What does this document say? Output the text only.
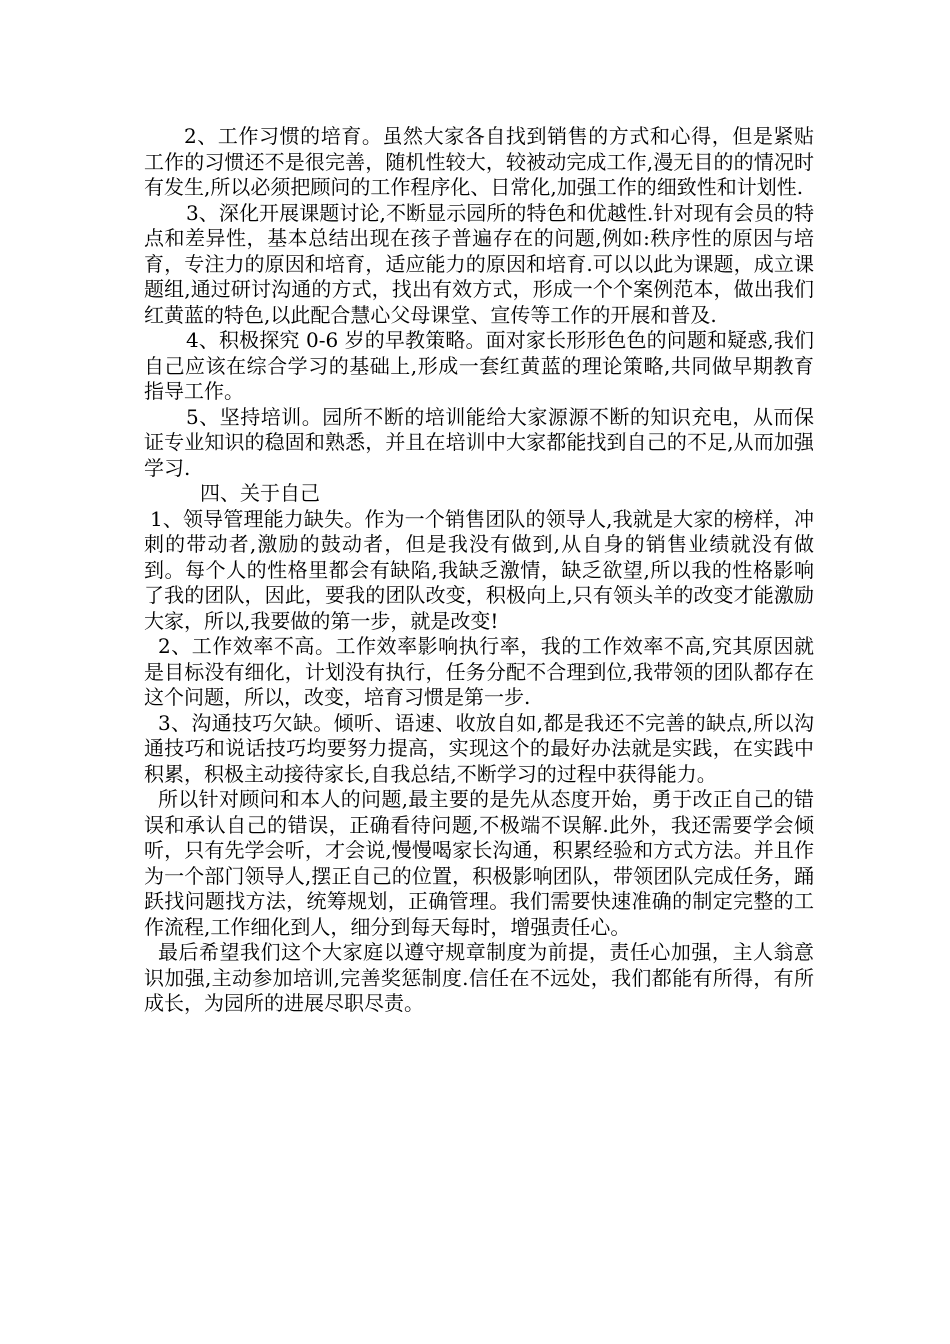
2、工作习惯的培育。虽然大家各自找到销售的方式和心得，但是紧贴工作的习惯还不是很完善，随机性较大，较被动完成工作,漫无目的的情况时有发生,所以必须把顾问的工作程序化、日常化,加强工作的细致性和计划性.

3、深化开展课题讨论,不断显示园所的特色和优越性.针对现有会员的特点和差异性，基本总结出现在孩子普遍存在的问题,例如:秩序性的原因与培育，专注力的原因和培育，适应能力的原因和培育.可以以此为课题，成立课题组,通过研讨沟通的方式，找出有效方式，形成一个个案例范本，做出我们红黄蓝的特色,以此配合慧心父母课堂、宣传等工作的开展和普及.

4、积极探究 0-6 岁的早教策略。面对家长形形色色的问题和疑惑,我们自己应该在综合学习的基础上,形成一套红黄蓝的理论策略,共同做早期教育指导工作。

5、坚持培训。园所不断的培训能给大家源源不断的知识充电，从而保证专业知识的稳固和熟悉，并且在培训中大家都能找到自己的不足,从而加强学习.

四、关于自己

1、领导管理能力缺失。作为一个销售团队的领导人,我就是大家的榜样，冲刺的带动者,激励的鼓动者，但是我没有做到,从自身的销售业绩就没有做到。每个人的性格里都会有缺陷,我缺乏激情，缺乏欲望,所以我的性格影响了我的团队，因此，要我的团队改变，积极向上,只有领头羊的改变才能激励大家，所以,我要做的第一步，就是改变!

2、工作效率不高。工作效率影响执行率，我的工作效率不高,究其原因就是目标没有细化，计划没有执行，任务分配不合理到位,我带领的团队都存在这个问题，所以，改变，培育习惯是第一步.

3、沟通技巧欠缺。倾听、语速、收放自如,都是我还不完善的缺点,所以沟通技巧和说话技巧均要努力提高，实现这个的最好办法就是实践，在实践中积累，积极主动接待家长,自我总结,不断学习的过程中获得能力。

所以针对顾问和本人的问题,最主要的是先从态度开始，勇于改正自己的错误和承认自己的错误，正确看待问题,不极端不误解.此外，我还需要学会倾听，只有先学会听，才会说,慢慢喝家长沟通，积累经验和方式方法。并且作为一个部门领导人,摆正自己的位置，积极影响团队，带领团队完成任务，踊跃找问题找方法，统筹规划，正确管理。我们需要快速准确的制定完整的工作流程,工作细化到人，细分到每天每时，增强责任心。

最后希望我们这个大家庭以遵守规章制度为前提，责任心加强，主人翁意识加强,主动参加培训,完善奖惩制度.信任在不远处，我们都能有所得，有所成长，为园所的进展尽职尽责。
